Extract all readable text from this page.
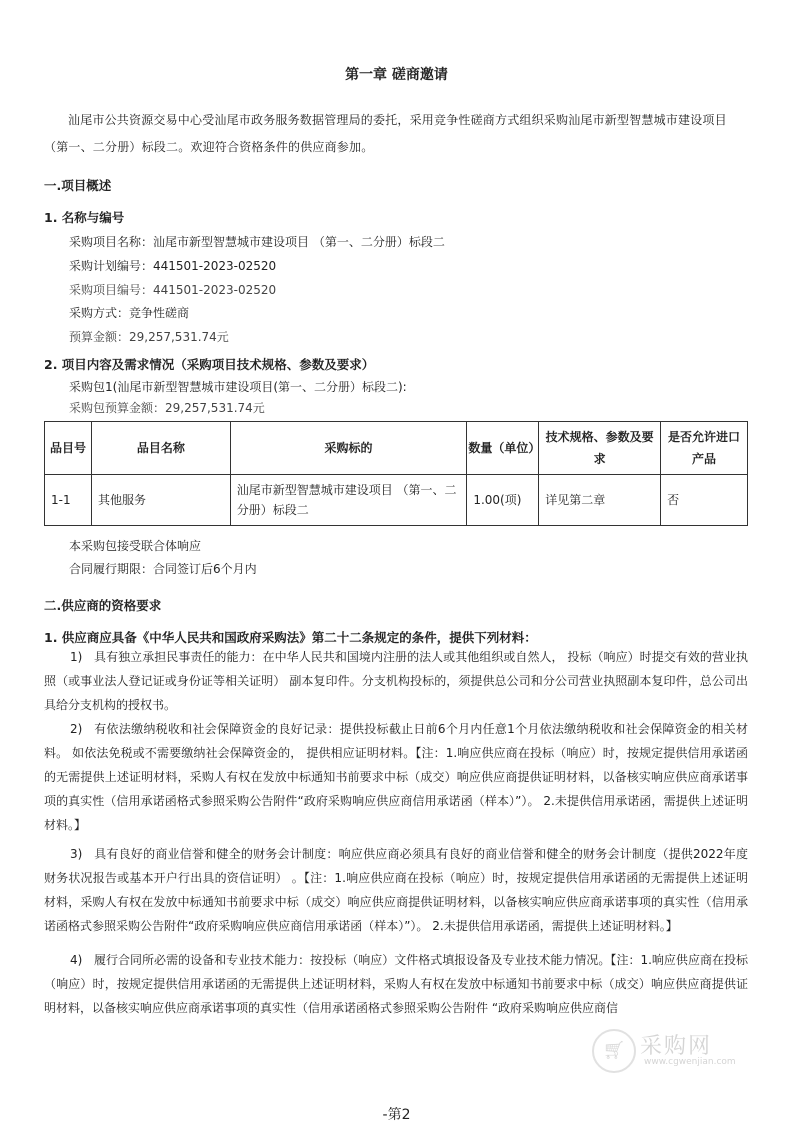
第一章 磋商邀请
汕尾市公共资源交易中心受汕尾市政务服务数据管理局的委托，采用竞争性磋商方式组织采购汕尾市新型智慧城市建设项目 （第一、二分册）标段二。欢迎符合资格条件的供应商参加。
一.项目概述
1. 名称与编号
采购项目名称：汕尾市新型智慧城市建设项目 （第一、二分册）标段二
采购计划编号：441501-2023-02520
采购项目编号：441501-2023-02520
采购方式：竞争性磋商
预算金额：29,257,531.74元
2. 项目内容及需求情况（采购项目技术规格、参数及要求）
采购包1(汕尾市新型智慧城市建设项目(第一、二分册）标段二):
采购包预算金额：29,257,531.74元
品目号	品目名称	采购标的	数量（单位）	技术规格、参数及要求	是否允许进口产品
1-1	其他服务	汕尾市新型智慧城市建设项目 （第一、二分册）标段二	1.00(项)	详见第二章	否
本采购包接受联合体响应
合同履行期限：合同签订后6个月内
二.供应商的资格要求
1. 供应商应具备《中华人民共和国政府采购法》第二十二条规定的条件，提供下列材料：
1) 具有独立承担民事责任的能力：在中华人民共和国境内注册的法人或其他组织或自然人， 投标（响应）时提交有效的营业执照（或事业法人登记证或身份证等相关证明） 副本复印件。分支机构投标的，须提供总公司和分公司营业执照副本复印件，总公司出具给分支机构的授权书。
2) 有依法缴纳税收和社会保障资金的良好记录：提供投标截止日前6个月内任意1个月依法缴纳税收和社会保障资金的相关材料。 如依法免税或不需要缴纳社会保障资金的， 提供相应证明材料。【注：1.响应供应商在投标（响应）时，按规定提供信用承诺函的无需提供上述证明材料，采购人有权在发放中标通知书前要求中标（成交）响应供应商提供证明材料，以备核实响应供应商承诺事项的真实性（信用承诺函格式参照采购公告附件“政府采购响应供应商信用承诺函（样本）”）。 2.未提供信用承诺函，需提供上述证明材料。】
3) 具有良好的商业信誉和健全的财务会计制度：响应供应商必须具有良好的商业信誉和健全的财务会计制度（提供2022年度财务状况报告或基本开户行出具的资信证明） 。【注：1.响应供应商在投标（响应）时，按规定提供信用承诺函的无需提供上述证明材料，采购人有权在发放中标通知书前要求中标（成交）响应供应商提供证明材料，以备核实响应供应商承诺事项的真实性（信用承诺函格式参照采购公告附件“政府采购响应供应商信用承诺函（样本）”）。 2.未提供信用承诺函，需提供上述证明材料。】
4) 履行合同所必需的设备和专业技术能力：按投标（响应）文件格式填报设备及专业技术能力情况。【注：1.响应供应商在投标（响应）时，按规定提供信用承诺函的无需提供上述证明材料，采购人有权在发放中标通知书前要求中标（成交）响应供应商提供证明材料，以备核实响应供应商承诺事项的真实性（信用承诺函格式参照采购公告附件 “政府采购响应供应商信
🛒︎ 采购网
www.cgwenjian.com
-第2
